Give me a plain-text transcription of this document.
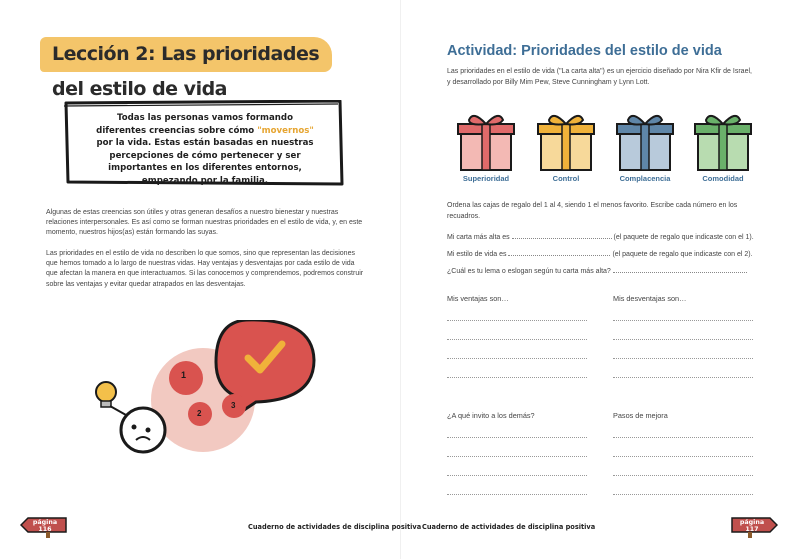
Lección 2: Las prioridades del estilo de vida
Todas las personas vamos formando diferentes creencias sobre cómo "movernos" por la vida. Estas están basadas en nuestras percepciones de cómo pertenecer y ser importantes en los diferentes entornos, empezando por la familia.
Algunas de estas creencias son útiles y otras generan desafíos a nuestro bienestar y nuestras relaciones interpersonales. Es así como se forman nuestras prioridades en el estilo de vida, y, en este momento, nuestros hijos(as) están formando las suyas.
Las prioridades en el estilo de vida no describen lo que somos, sino que representan las decisiones que hemos tomado a lo largo de nuestras vidas. Hay ventajas y desventajas por cada estilo de vida que afectan la manera en que interactuamos. Si las conocemos y comprendemos, podremos construir sobre las ventajas y evitar quedar atrapados en las desventajas.
1
2
3
página 116	Cuaderno de actividades de disciplina positiva
Actividad: Prioridades del estilo de vida
Las prioridades en el estilo de vida ("La carta alta") es un ejercicio diseñado por Nira Kfir de Israel, y desarrollado por Billy Mim Pew, Steve Cunningham y Lynn Lott.
Superioridad	Control	Complacencia	Comodidad
Ordena las cajas de regalo del 1 al 4, siendo 1 el menos favorito. Escribe cada número en los recuadros.
Mi carta más alta es	(el paquete de regalo que indicaste con el 1).
Mi estilo de vida es	(el paquete de regalo que indicaste con el 2).
¿Cuál es tu lema o eslogan según tu carta más alta?
Mis ventajas son…	Mis desventajas son…
¿A qué invito a los demás?	Pasos de mejora
Cuaderno de actividades de disciplina positiva
página 117
